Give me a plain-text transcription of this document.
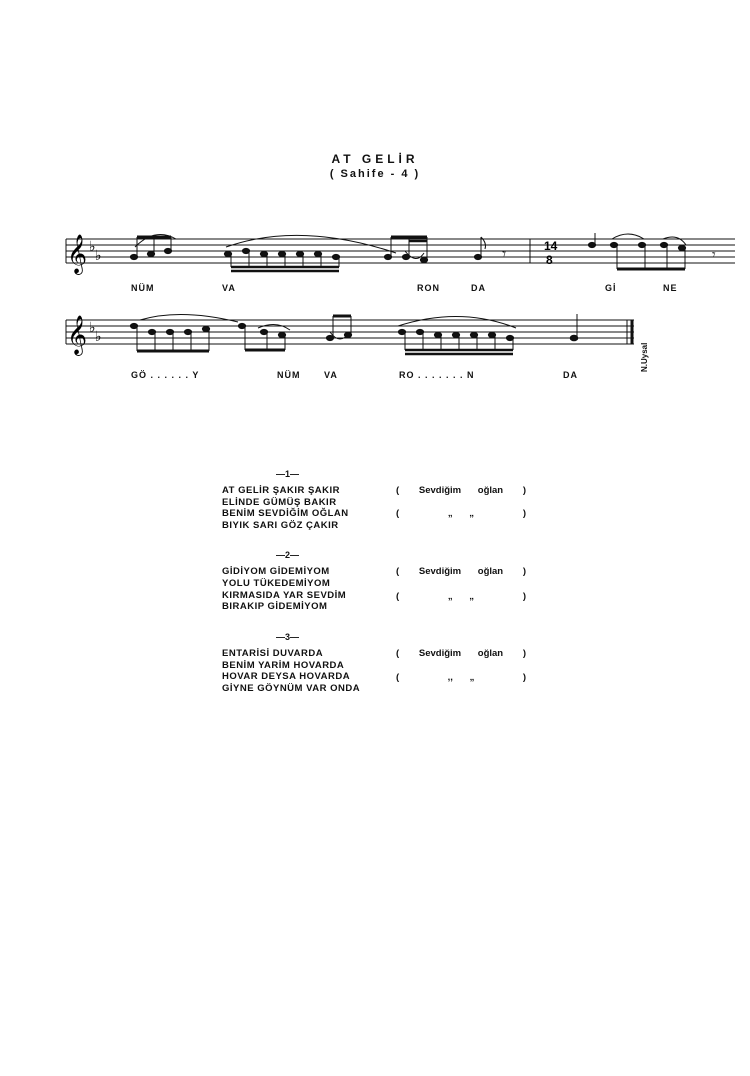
AT GELİR
( Sahife - 4 )
𝄞 ♭
♭	𝄾	𝄾
14
8
NÜM	VA	RON	DA	Gİ	NE
𝄞 ♭
♭
GÖ . . . . . . Y	NÜM	VA	RO . . . . . . . N	DA
N.Uysal
—1—
AT GELİR ŞAKIR ŞAKIR
ELİNDE GÜMÜŞ BAKIR
BENİM SEVDİĞİM OĞLAN
BIYIK SARI GÖZ ÇAKIR
( Sevdiğim oğlan )
(	„ „	)
—2—
GİDİYOM GİDEMİYOM
YOLU TÜKEDEMİYOM
KIRMASIDA YAR SEVDİM
BIRAKIP GİDEMİYOM
( Sevdiğim oğlan )
(	„ „	)
—3—
ENTARİSİ DUVARDA
BENİM YARİM HOVARDA
HOVAR DEYSA HOVARDA
GİYNE GÖYNÜM VAR ONDA
( Sevdiğim oğlan )
(	,, „	)
